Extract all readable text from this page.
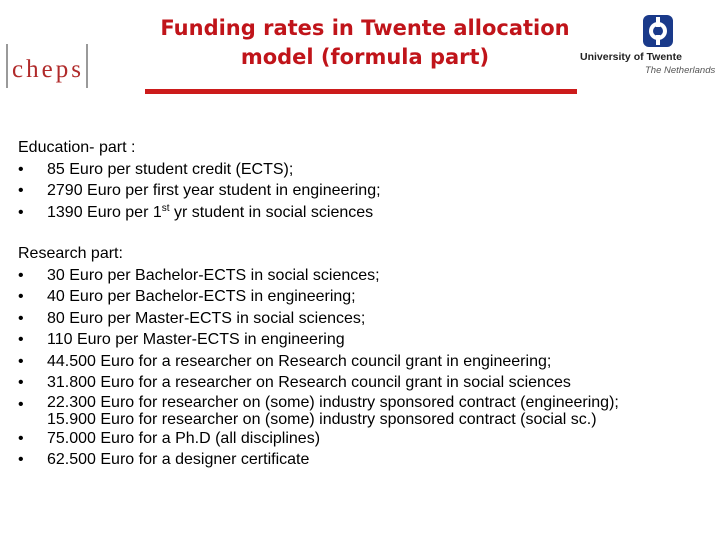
cheps
Funding rates in Twente allocation model (formula part)	University of Twente
The Netherlands
Education- part :
• 85 Euro per student credit (ECTS);
• 2790 Euro per first year student in engineering;
• 1390 Euro per 1st yr student in social sciences
Research part:
• 30 Euro per Bachelor-ECTS in social sciences;
• 40 Euro per Bachelor-ECTS in engineering;
• 80 Euro per Master-ECTS in social sciences;
• 110 Euro per Master-ECTS in engineering
• 44.500 Euro for a researcher on Research council grant in engineering;
• 31.800 Euro for a researcher on Research council grant in social sciences
• 22.300 Euro for researcher on (some) industry sponsored contract (engineering);
15.900 Euro for researcher on (some) industry sponsored contract (social sc.)
• 75.000 Euro for a Ph.D (all disciplines)
• 62.500 Euro for a designer certificate
